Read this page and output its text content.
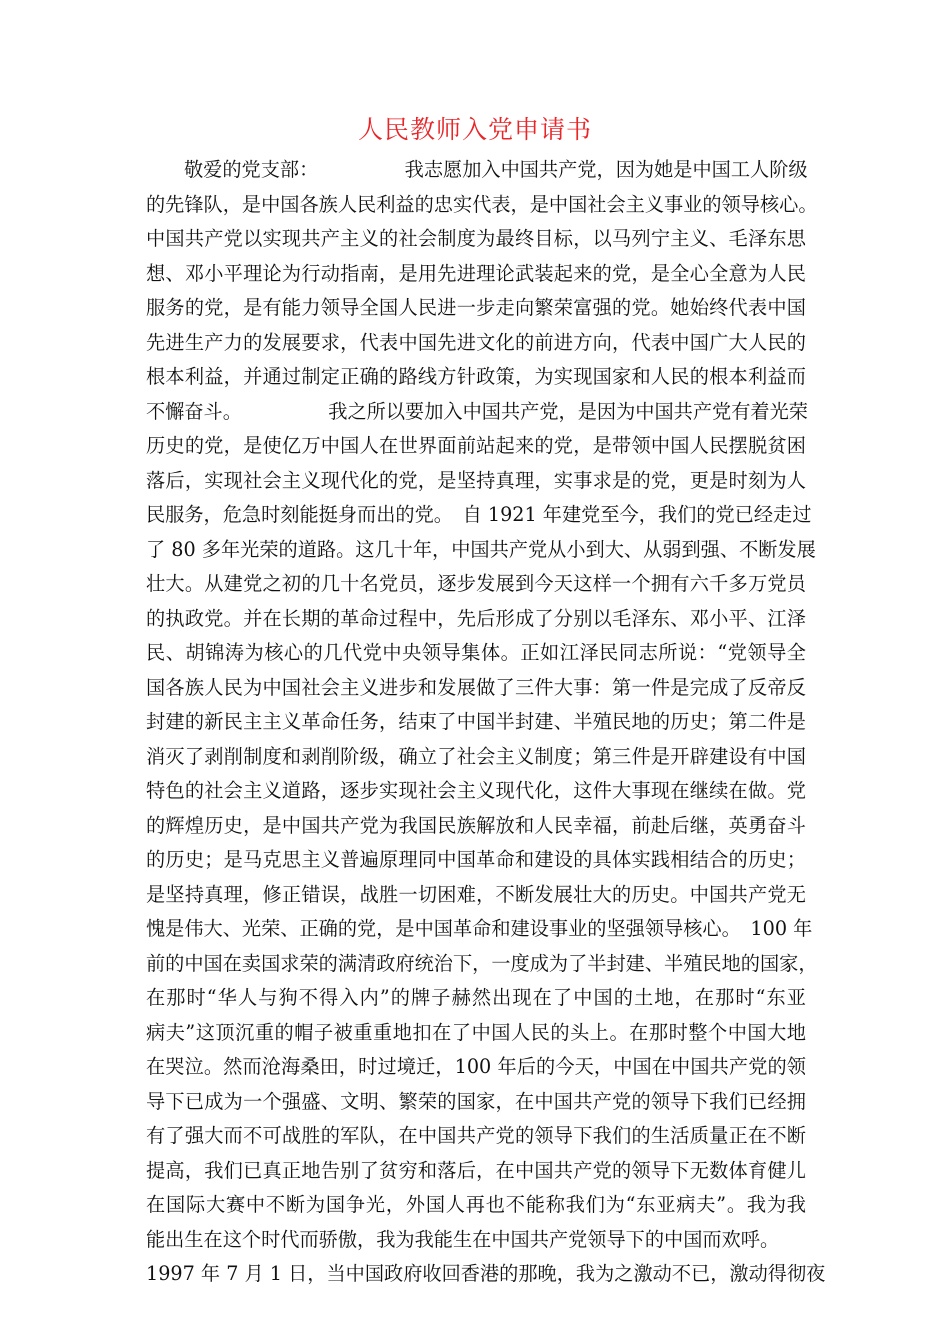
人民教师入党申请书
敬爱的党支部：　　　　　我志愿加入中国共产党，因为她是中国工人阶级
的先锋队，是中国各族人民利益的忠实代表，是中国社会主义事业的领导核心。
中国共产党以实现共产主义的社会制度为最终目标，以马列宁主义、毛泽东思
想、邓小平理论为行动指南，是用先进理论武装起来的党，是全心全意为人民
服务的党，是有能力领导全国人民进一步走向繁荣富强的党。她始终代表中国
先进生产力的发展要求，代表中国先进文化的前进方向，代表中国广大人民的
根本利益，并通过制定正确的路线方针政策，为实现国家和人民的根本利益而
不懈奋斗。　　　　　我之所以要加入中国共产党，是因为中国共产党有着光荣
历史的党，是使亿万中国人在世界面前站起来的党，是带领中国人民摆脱贫困
落后，实现社会主义现代化的党，是坚持真理，实事求是的党，更是时刻为人
民服务，危急时刻能挺身而出的党。　自 1921 年建党至今，我们的党已经走过
了 80 多年光荣的道路。这几十年，中国共产党从小到大、从弱到强、不断发展
壮大。从建党之初的几十名党员，逐步发展到今天这样一个拥有六千多万党员
的执政党。并在长期的革命过程中，先后形成了分别以毛泽东、邓小平、江泽
民、胡锦涛为核心的几代党中央领导集体。正如江泽民同志所说：“党领导全
国各族人民为中国社会主义进步和发展做了三件大事：第一件是完成了反帝反
封建的新民主主义革命任务，结束了中国半封建、半殖民地的历史；第二件是
消灭了剥削制度和剥削阶级，确立了社会主义制度；第三件是开辟建设有中国
特色的社会主义道路，逐步实现社会主义现代化，这件大事现在继续在做。党
的辉煌历史，是中国共产党为我国民族解放和人民幸福，前赴后继，英勇奋斗
的历史；是马克思主义普遍原理同中国革命和建设的具体实践相结合的历史；
是坚持真理，修正错误，战胜一切困难，不断发展壮大的历史。中国共产党无
愧是伟大、光荣、正确的党，是中国革命和建设事业的坚强领导核心。　100 年
前的中国在卖国求荣的满清政府统治下，一度成为了半封建、半殖民地的国家，
在那时“华人与狗不得入内”的牌子赫然出现在了中国的土地，在那时“东亚
病夫”这顶沉重的帽子被重重地扣在了中国人民的头上。在那时整个中国大地
在哭泣。然而沧海桑田，时过境迁，100 年后的今天，中国在中国共产党的领
导下已成为一个强盛、文明、繁荣的国家，在中国共产党的领导下我们已经拥
有了强大而不可战胜的军队，在中国共产党的领导下我们的生活质量正在不断
提高，我们已真正地告别了贫穷和落后，在中国共产党的领导下无数体育健儿
在国际大赛中不断为国争光，外国人再也不能称我们为“东亚病夫”。我为我
能出生在这个时代而骄傲，我为我能生在中国共产党领导下的中国而欢呼。
1997 年 7 月 1 日，当中国政府收回香港的那晚，我为之激动不已，激动得彻夜
